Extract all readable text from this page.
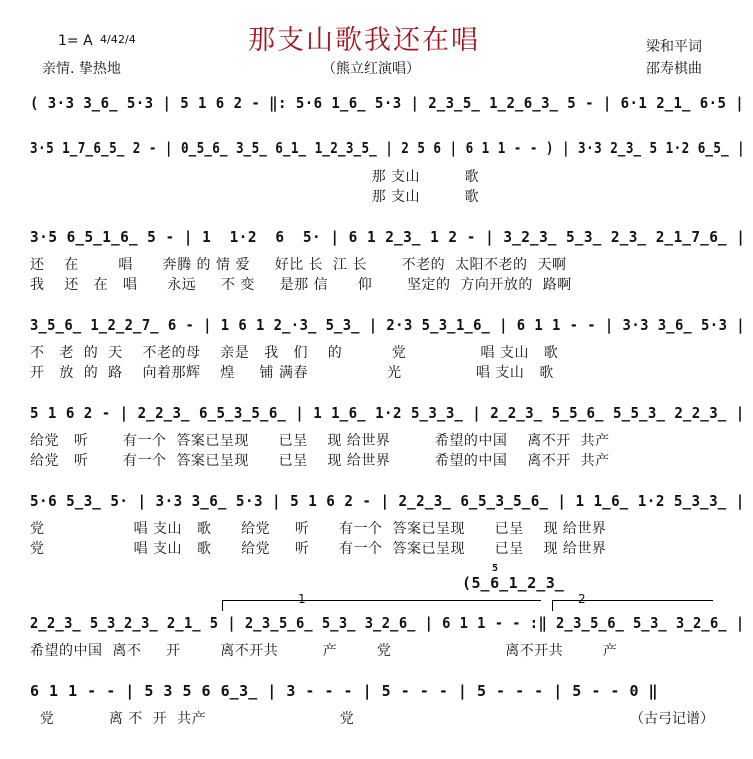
1= A 4/4 2/4
亲情. 挚热地
那支山歌我还在唱
（熊立红演唱）
梁和平词
邵寿棋曲
( 3·3 3̲6̲ 5·3 | 5 1 6 2 - ‖: 5·6 1̲6̲ 5·3 | 2̲3̲5̲ 1̲2̲6̲3̲ 5 - | 6·1 2̲1̲ 6·5 |
3·5 1̲7̲6̲5̲ 2 - | 0̲5̲6̲ 3̲5̲ 6̲1̲ 1̲2̲3̲5̲ | 2 5 6 | 6 1 1 - - ) | 3·3 2̲3̲ 5 1·2 6̲5̲ |
那 支山         歌
那 支山         歌
3·5 6̲5̲1̲6̲ 5 - | 1  1·2  6  5· | 6 1 2̲3̲ 1 2 - | 3̲2̲3̲ 5̲3̲ 2̲3̲ 2̲1̲7̲6̲ |
还    在        唱      奔腾 的 情 爱     好比 长  江 长       不老的  太阳不老的  天啊
我    还   在   唱      永远     不 变     是那 信      仰       坚定的  方向开放的  路啊
3̲5̲6̲ 1̲2̲2̲7̲ 6 - | 1 6 1 2̲·3̲ 5̲3̲ | 2·3 5̲3̲1̲6̲ | 6 1 1 - - | 3·3 3̲6̲ 5·3 |
不   老  的  天    不老的母    亲是   我   们    的          党               唱 支山   歌
开   放  的  路    向着那辉    煌     铺 满春                光               唱 支山   歌
5 1 6 2 - | 2̲2̲3̲ 6̲5̲3̲5̲6̲ | 1 1̲6̲ 1·2 5̲3̲3̲ | 2̲2̲3̲ 5̲5̲6̲ 5̲5̲3̲ 2̲2̲3̲ |
给党   听       有一个  答案已呈现      已呈    现 给世界         希望的中国    离不开  共产
给党   听       有一个  答案已呈现      已呈    现 给世界         希望的中国    离不开  共产
5·6 5̲3̲ 5· | 3·3 3̲6̲ 5·3 | 5 1 6 2 - | 2̲2̲3̲ 6̲5̲3̲5̲6̲ | 1 1̲6̲ 1·2 5̲3̲3̲ |
党                  唱 支山   歌      给党     听      有一个  答案已呈现      已呈    现 给世界
党                  唱 支山   歌      给党     听      有一个  答案已呈现      已呈    现 给世界
5
(5̲6̲1̲2̲3̲
1	2
2̲2̲3̲ 5̲3̲2̲3̲ 2̲1̲ 5 | 2̲3̲5̲6̲ 5̲3̲ 3̲2̲6̲ | 6 1 1 - - :‖ 2̲3̲5̲6̲ 5̲3̲ 3̲2̲6̲ |
希望的中国  离不     开        离不开共         产        党                       离不开共        产
6 1 1 - - | 5 3 5 6 6̲3̲ | 3 - - - | 5 - - - | 5 - - - | 5 - - 0 ‖
党           离 不  开  共产                           党	（古弓记谱）
